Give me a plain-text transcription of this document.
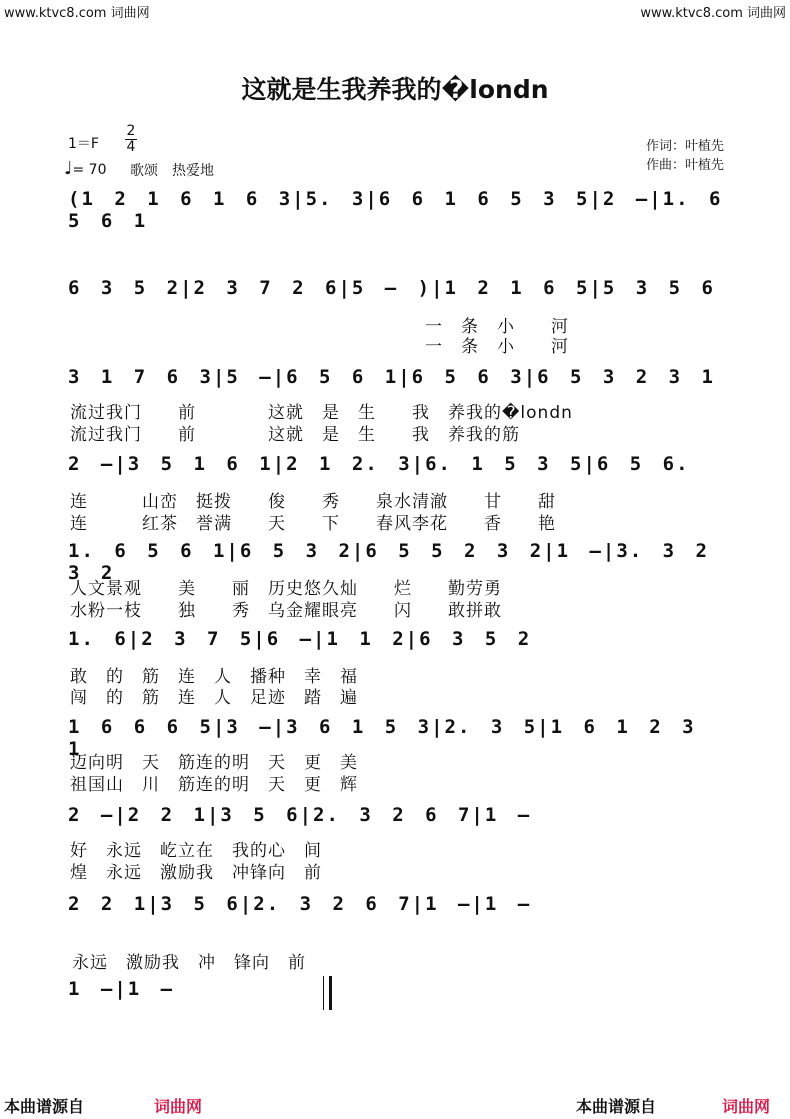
www.ktvc8.com 词曲网	www.ktvc8.com 词曲网
这就是生我养我的�londn
$1=F \frac{2}{4}$
♩= 70 歌颂　热爱地
作词：叶植先
作曲：叶植先
(1 2 1 6 1 6 3|5. 3|6 6 1 6 5 3 5|2 –|1. 6 5 6 1
6 3 5 2|2 3 7 2 6|5 – )|1 2 1 6 5|5 3 5 6
3 1 7 6 3|5 –|6 5 6 1|6 5 6 3|6 5 3 2 3 1
2 –|3 5 1 6 1|2 1 2. 3|6. 1 5 3 5|6 5 6.
1. 6 5 6 1|6 5 3 2|6 5 5 2 3 2|1 –|3. 3 2 3 2
1. 6|2 3 7 5|6 –|1 1 2|6 3 5 2
1 6 6 6 5|3 –|3 6 1 5 3|2. 3 5|1 6 1 2 3 1
2 –|2 2 1|3 5 6|2. 3 2 6 7|1 –
2 2 1|3 5 6|2. 3 2 6 7|1 –|1 –
1 –|1 –
一　条　小　　河
一　条　小　　河
流过我门　　前　　　　这就　是　生　　我　养我的�londn
流过我门　　前　　　　这就　是　生　　我　养我的筋
连　　　山峦　挺拨　　俊　　秀　　泉水清澈　　甘　　甜
连　　　红茶　誉满　　天　　下　　春风李花　　香　　艳
人文景观　　美　　丽　历史悠久灿　　烂　　勤劳勇
水粉一枝　　独　　秀　乌金耀眼亮　　闪　　敢拼敢
敢　的　筋　连　人　播种　幸　福
闯　的　筋　连　人　足迹　踏　遍
迈向明　天　筋连的明　天　更　美
祖国山　川　筋连的明　天　更　辉
好　永远　屹立在　我的心　间
煌　永远　激励我　冲锋向　前
永远　激励我　冲　锋向　前
本曲谱源自	词曲网	本曲谱源自	词曲网
